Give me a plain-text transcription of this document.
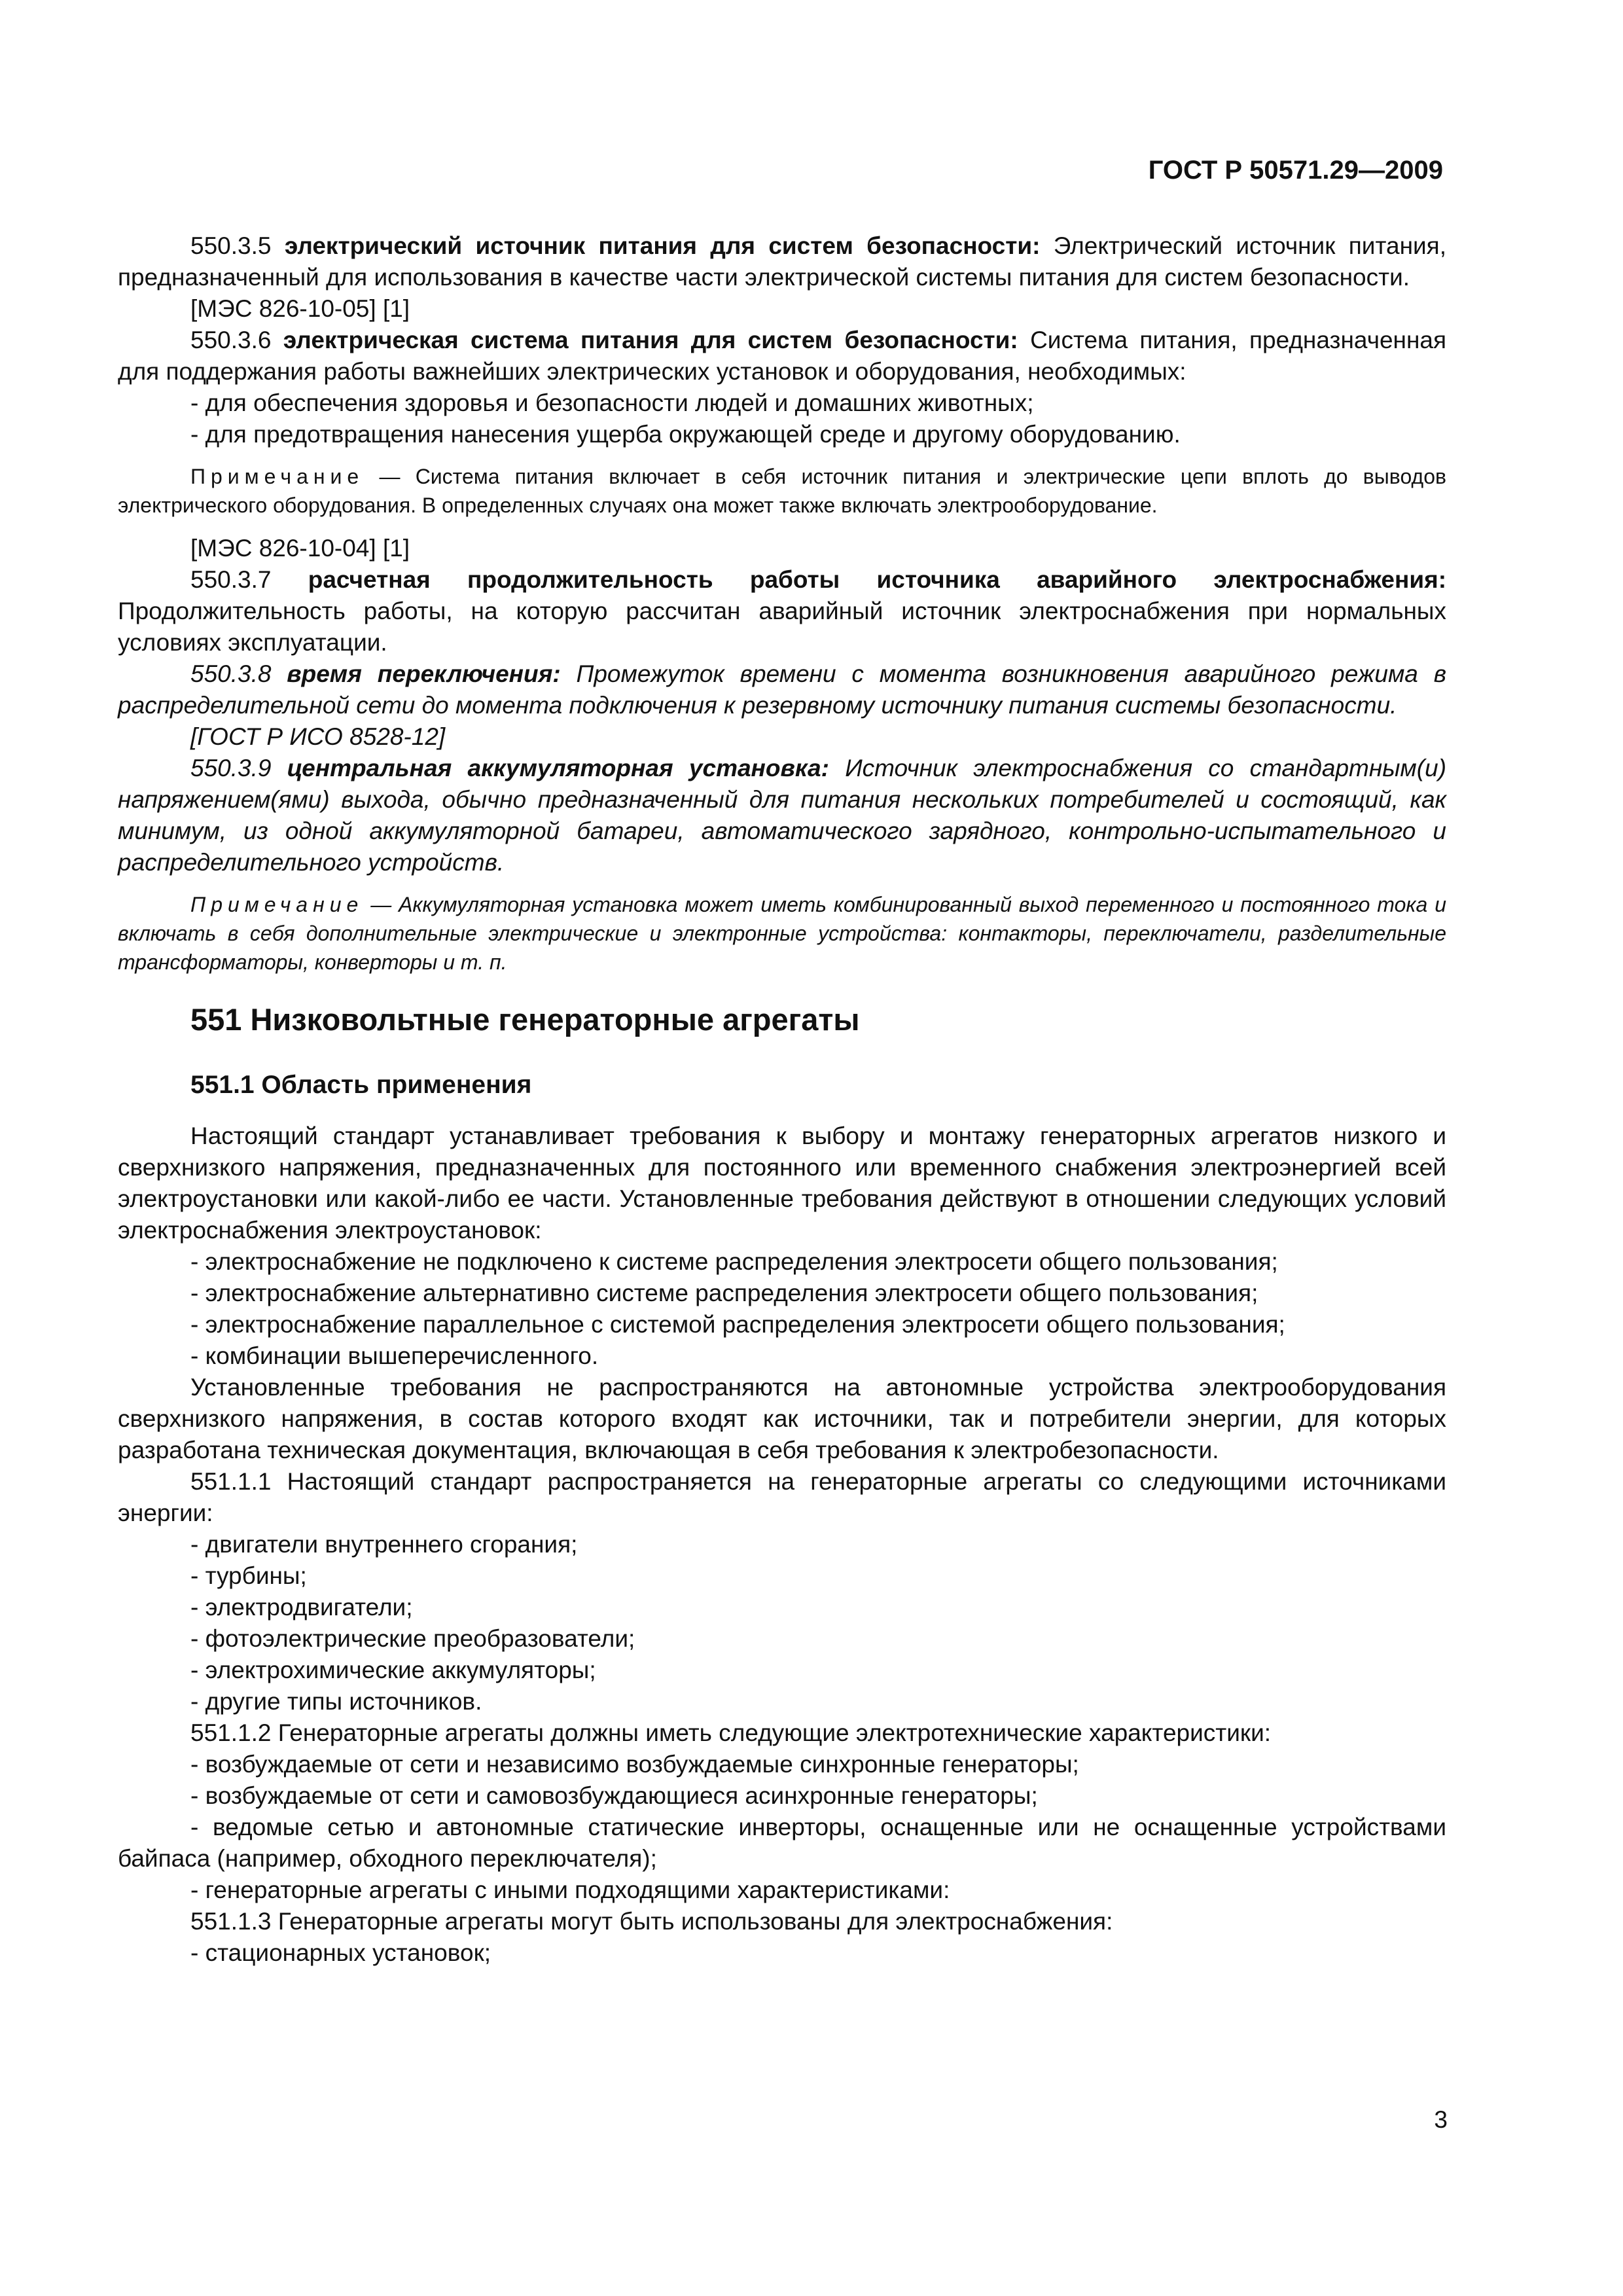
ГОСТ Р 50571.29—2009

550.3.5 электрический источник питания для систем безопасности: Электрический источник питания, предназначенный для использования в качестве части электрической системы питания для систем безопасности.

[МЭС 826-10-05] [1]

550.3.6 электрическая система питания для систем безопасности: Система питания, предназначенная для поддержания работы важнейших электрических установок и оборудования, необходимых:

- для обеспечения здоровья и безопасности людей и домашних животных;

- для предотвращения нанесения ущерба окружающей среде и другому оборудованию.

Примечание — Система питания включает в себя источник питания и электрические цепи вплоть до выводов электрического оборудования. В определенных случаях она может также включать электрооборудование.

[МЭС 826-10-04] [1]

550.3.7 расчетная продолжительность работы источника аварийного электроснабжения: Продолжительность работы, на которую рассчитан аварийный источник электроснабжения при нормальных условиях эксплуатации.

550.3.8 время переключения: Промежуток времени с момента возникновения аварийного режима в распределительной сети до момента подключения к резервному источнику питания системы безопасности.

[ГОСТ Р ИСО 8528-12]

550.3.9 центральная аккумуляторная установка: Источник электроснабжения со стандартным(и) напряжением(ями) выхода, обычно предназначенный для питания нескольких потребителей и состоящий, как минимум, из одной аккумуляторной батареи, автоматического зарядного, контрольно-испытательного и распределительного устройств.

Примечание — Аккумуляторная установка может иметь комбинированный выход переменного и постоянного тока и включать в себя дополнительные электрические и электронные устройства: контакторы, переключатели, разделительные трансформаторы, конверторы и т. п.

551 Низковольтные генераторные агрегаты

551.1 Область применения

Настоящий стандарт устанавливает требования к выбору и монтажу генераторных агрегатов низкого и сверхнизкого напряжения, предназначенных для постоянного или временного снабжения электроэнергией всей электроустановки или какой-либо ее части. Установленные требования действуют в отношении следующих условий электроснабжения электроустановок:

- электроснабжение не подключено к системе распределения электросети общего пользования;

- электроснабжение альтернативно системе распределения электросети общего пользования;

- электроснабжение параллельное с системой распределения электросети общего пользования;

- комбинации вышеперечисленного.

Установленные требования не распространяются на автономные устройства электрооборудования сверхнизкого напряжения, в состав которого входят как источники, так и потребители энергии, для которых разработана техническая документация, включающая в себя требования к электробезопасности.

551.1.1 Настоящий стандарт распространяется на генераторные агрегаты со следующими источниками энергии:

- двигатели внутреннего сгорания;

- турбины;

- электродвигатели;

- фотоэлектрические преобразователи;

- электрохимические аккумуляторы;

- другие типы источников.

551.1.2 Генераторные агрегаты должны иметь следующие электротехнические характеристики:

- возбуждаемые от сети и независимо возбуждаемые синхронные генераторы;

- возбуждаемые от сети и самовозбуждающиеся асинхронные генераторы;

- ведомые сетью и автономные статические инверторы, оснащенные или не оснащенные устройствами байпаса (например, обходного переключателя);

- генераторные агрегаты с иными подходящими характеристиками:

551.1.3 Генераторные агрегаты могут быть использованы для электроснабжения:

- стационарных установок;

3
